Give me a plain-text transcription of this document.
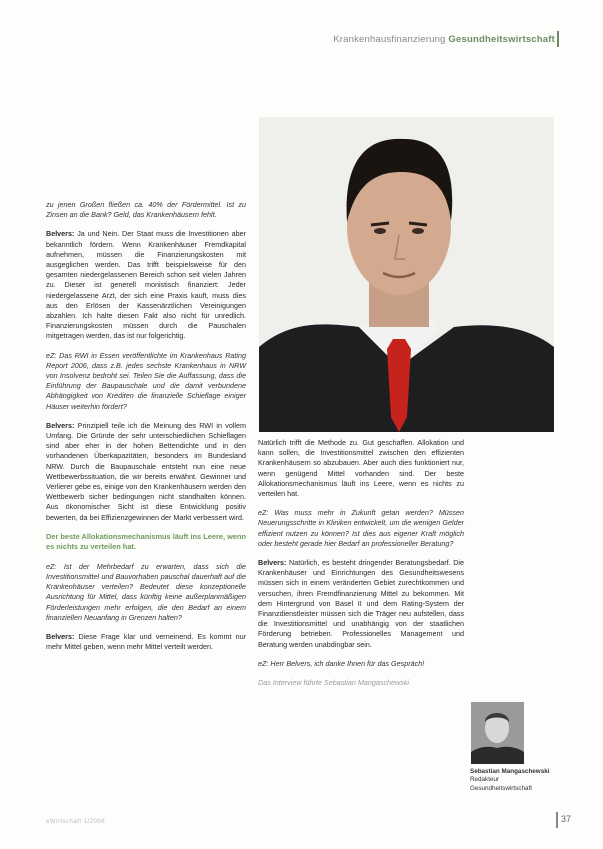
Krankenhausfinanzierung Gesundheitswirtschaft

zu jenen Großen fließen ca. 40% der Fördermittel. Ist zu Zinsen an die Bank? Geld, das Krankenhäusern fehlt.

Belvers: Ja und Nein. Der Staat muss die Investitionen aber bekanntlich fördern. Wenn Krankenhäuser Fremdkapital aufnehmen, müssen die Finanzierungskosten mit ausgeglichen werden. Das trifft beispielsweise für den gesamten niedergelassenen Bereich schon seit vielen Jahren zu. Dieser ist generell monistisch finanziert: Jeder niedergelassene Arzt, der sich eine Praxis kauft, muss dies aus den Erlösen der Kassenärztlichen Vereinigungen abzahlen. Ich halte diesen Fakt also nicht für unredlich. Finanzierungskosten müssen durch die Pauschalen mitgetragen werden, das ist nur folgerichtig.

eZ: Das RWI in Essen veröffentlichte im Krankenhaus Rating Report 2006, dass z.B. jedes sechste Krankenhaus in NRW von Insolvenz bedroht sei. Teilen Sie die Auffassung, dass die Einführung der Baupauschale und die damit verbundene Abhängigkeit von Krediten die finanzielle Schieflage einiger Häuser weiterhin fördert?

Belvers: Prinzipiell teile ich die Meinung des RWI in vollem Umfang. Die Gründe der sehr unterschiedlichen Schieflagen sind aber eher in der hohen Bettendichte und in den vorhandenen Überkapazitäten, besonders im Bundesland NRW. Durch die Baupauschale entsteht nun eine neue Wettbewerbssituation, die wir bereits erwähnt. Gewinner und Verlierer gebe es, einige von den Krankenhäusern werden den Wettbewerb sicher bedingungen nicht standhalten können. Aus ökonomischer Sicht ist diese Entwicklung positiv bewerten, da bei Effizienzgewinnen der Markt verbessert wird.

Der beste Allokationsmechanismus läuft ins Leere, wenn es nichts zu verteilen hat.

eZ: Ist der Mehrbedarf zu erwarten, dass sich die Investitionsmittel und Bauvorhaben pauschal dauerhaft auf die Krankenhäuser verteilen? Bedeutet diese konzeptionelle Ausrichtung für Mittel, dass künftig keine außerplanmäßigen Förderleistungen mehr erfolgen, die den Bedarf an einem finanziellen Neuanfang in Grenzen halten?

Belvers: Diese Frage klar und verneinend. Es kommt nur mehr Mittel geben, wenn mehr Mittel verteilt werden.

Natürlich trifft die Methode zu. Gut geschaffen. Allokation und kann sollen, die Investitionsmittel zwischen den effizienten Krankenhäusern so abzubauen. Aber auch dies funktioniert nur, wenn genügend Mittel vorhanden sind. Der beste Allokationsmechanismus läuft ins Leere, wenn es nichts zu verteilen hat.

eZ: Was muss mehr in Zukunft getan werden? Müssen Neuerungsschritte in Kliniken entwickelt, um die wenigen Gelder effizient nutzen zu können? Ist dies aus eigener Kraft möglich oder besteht gerade hier Bedarf an professioneller Beratung?

Belvers: Natürlich, es besteht dringender Beratungsbedarf. Die Krankenhäuser und Einrichtungen des Gesundheitswesens müssen sich in einem veränderten Gebiet zurechtkommen und versuchen, ihren Fremdfinanzierung Mittel zu bekommen. Mit dem Hintergrund von Basel II und dem Rating-System der Finanzdienstleister müssen sich die Träger neu aufstellen, dass die Investitionsmittel und unabhängig von der staatlichen Förderung betrieben. Professionelles Management und Beratung werden unabdingbar sein.

eZ: Herr Belvers, ich danke Ihnen für das Gespräch!

Das Interview führte Sebastian Mangaschewski

Sebastian Mangaschewski
Redakteur
Gesundheitswirtschaft
eWirtschaft 1/2006	37
